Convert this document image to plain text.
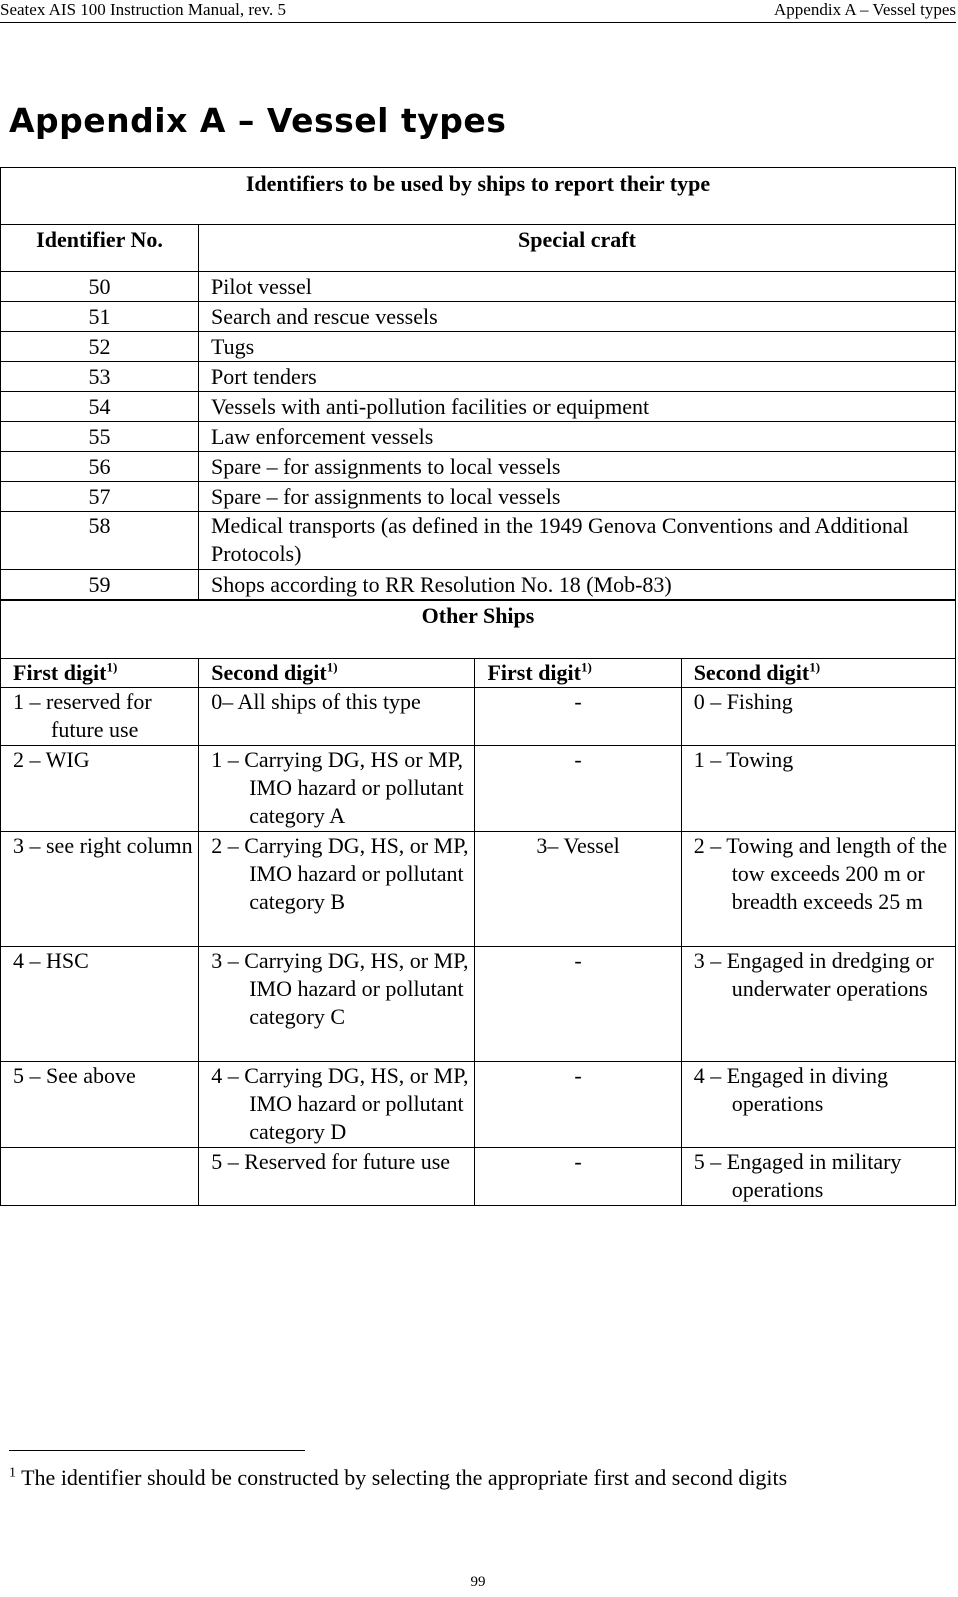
Seatex AIS 100 Instruction Manual, rev. 5	Appendix A – Vessel types
Appendix A – Vessel types
Identifiers to be used by ships to report their type	

Identifier No.	Special craft
50	Pilot vessel
51	Search and rescue vessels
52	Tugs
53	Port tenders
54	Vessels with anti-pollution facilities or equipment
55	Law enforcement vessels
56	Spare – for assignments to local vessels
57	Spare – for assignments to local vessels
58	Medical transports (as defined in the 1949 Genova Conventions and Additional Protocols)
59	Shops according to RR Resolution No. 18 (Mob-83)
Other Ships			

First digit$^{1)}$	Second digit$^{1)}$	First digit$^{1)}$	Second digit$^{1)}$

1 – reserved for future use	0– All ships of this type	-	0 – Fishing

2 – WIG	1 – Carrying DG, HS or MP, IMO hazard or pollutant category A	-	1 – Towing

3 – see right column	2 – Carrying DG, HS, or MP, IMO hazard or pollutant category B	3– Vessel	2 – Towing and length of the tow exceeds 200 m or breadth exceeds 25 m

4 – HSC	3 – Carrying DG, HS, or MP, IMO hazard or pollutant category C	-	3 – Engaged in dredging or underwater operations

5 – See above	4 – Carrying DG, HS, or MP, IMO hazard or pollutant category D	-	4 – Engaged in diving operations

	5 – Reserved for future use	-	5 – Engaged in military operations
$^1$ The identifier should be constructed by selecting the appropriate first and second digits
99
